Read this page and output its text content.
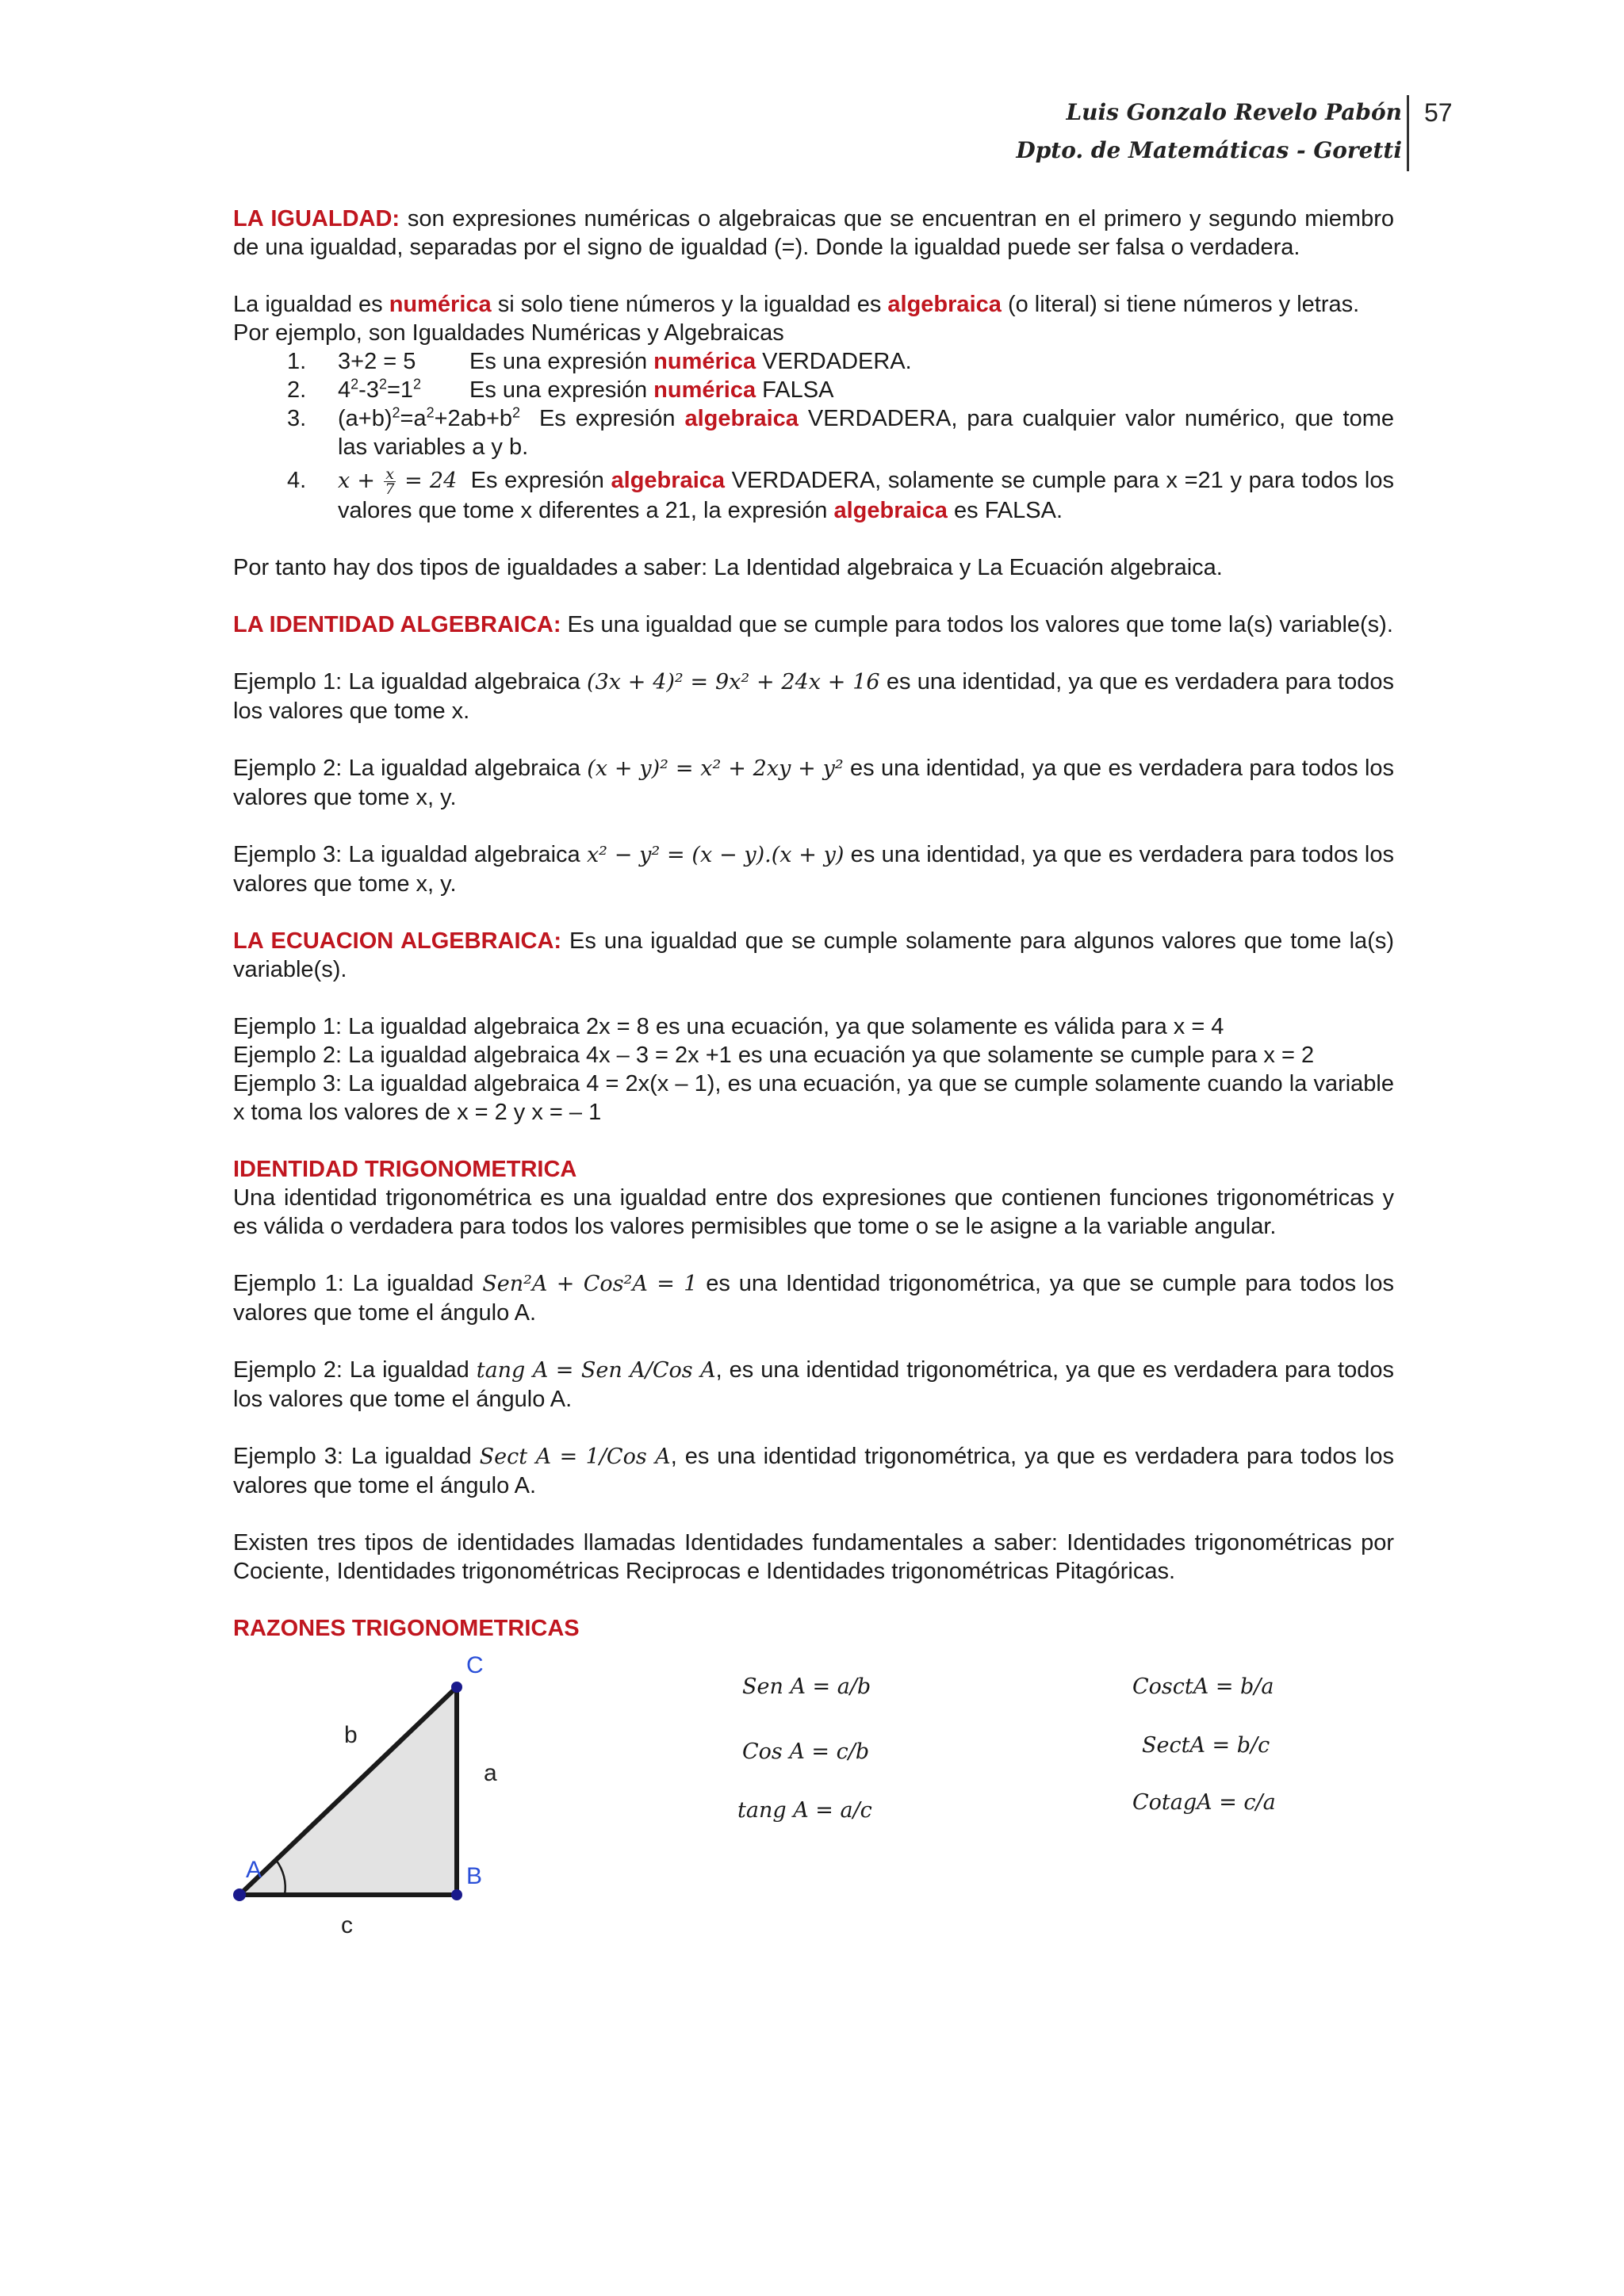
Luis Gonzalo Revelo Pabón
Dpto. de Matemáticas - Goretti
57

LA IGUALDAD: son expresiones numéricas o algebraicas que se encuentran en el primero y segundo miembro de una igualdad, separadas por el signo de igualdad (=). Donde la igualdad puede ser falsa o verdadera.

La igualdad es numérica si solo tiene números y la igualdad es algebraica (o literal) si tiene números y letras.

Por ejemplo, son Igualdades Numéricas y Algebraicas

1. 3+2 = 5 Es una expresión numérica VERDADERA.
2. $4^2-3^2=1^2$ Es una expresión numérica FALSA
3. $(a+b)^2=a^2+2ab+b^2$ Es expresión algebraica VERDADERA, para cualquier valor numérico, que tome las variables a y b.
4. $x + \frac{x}{7} = 24$ Es expresión algebraica VERDADERA, solamente se cumple para x =21 y para todos los valores que tome x diferentes a 21, la expresión algebraica es FALSA.

Por tanto hay dos tipos de igualdades a saber: La Identidad algebraica y La Ecuación algebraica.

LA IDENTIDAD ALGEBRAICA: Es una igualdad que se cumple para todos los valores que tome la(s) variable(s).

Ejemplo 1: La igualdad algebraica (3x + 4)² = 9x² + 24x + 16 es una identidad, ya que es verdadera para todos los valores que tome x.

Ejemplo 2: La igualdad algebraica (x + y)² = x² + 2xy + y² es una identidad, ya que es verdadera para todos los valores que tome x, y.

Ejemplo 3: La igualdad algebraica x² − y² = (x − y).(x + y) es una identidad, ya que es verdadera para todos los valores que tome x, y.

LA ECUACION ALGEBRAICA: Es una igualdad que se cumple solamente para algunos valores que tome la(s) variable(s).

Ejemplo 1: La igualdad algebraica 2x = 8 es una ecuación, ya que solamente es válida para x = 4

Ejemplo 2: La igualdad algebraica 4x – 3 = 2x +1 es una ecuación ya que solamente se cumple para x = 2

Ejemplo 3: La igualdad algebraica 4 = 2x(x – 1), es una ecuación, ya que se cumple solamente cuando la variable x toma los valores de x = 2 y x = – 1

IDENTIDAD TRIGONOMETRICA

Una identidad trigonométrica es una igualdad entre dos expresiones que contienen funciones trigonométricas y es válida o verdadera para todos los valores permisibles que tome o se le asigne a la variable angular.

Ejemplo 1: La igualdad Sen²A + Cos²A = 1 es una Identidad trigonométrica, ya que se cumple para todos los valores que tome el ángulo A.

Ejemplo 2: La igualdad tang A = Sen A/Cos A, es una identidad trigonométrica, ya que es verdadera para todos los valores que tome el ángulo A.

Ejemplo 3: La igualdad Sect A = 1/Cos A, es una identidad trigonométrica, ya que es verdadera para todos los valores que tome el ángulo A.

Existen tres tipos de identidades llamadas Identidades fundamentales a saber: Identidades trigonométricas por Cociente, Identidades trigonométricas Reciprocas e Identidades trigonométricas Pitagóricas.

RAZONES TRIGONOMETRICAS

A	B
C
a
b
c
Sen A = a/b
Cos A = c/b
tang A = a/c
CosctA = b/a
SectA = b/c
CotagA = c/a
